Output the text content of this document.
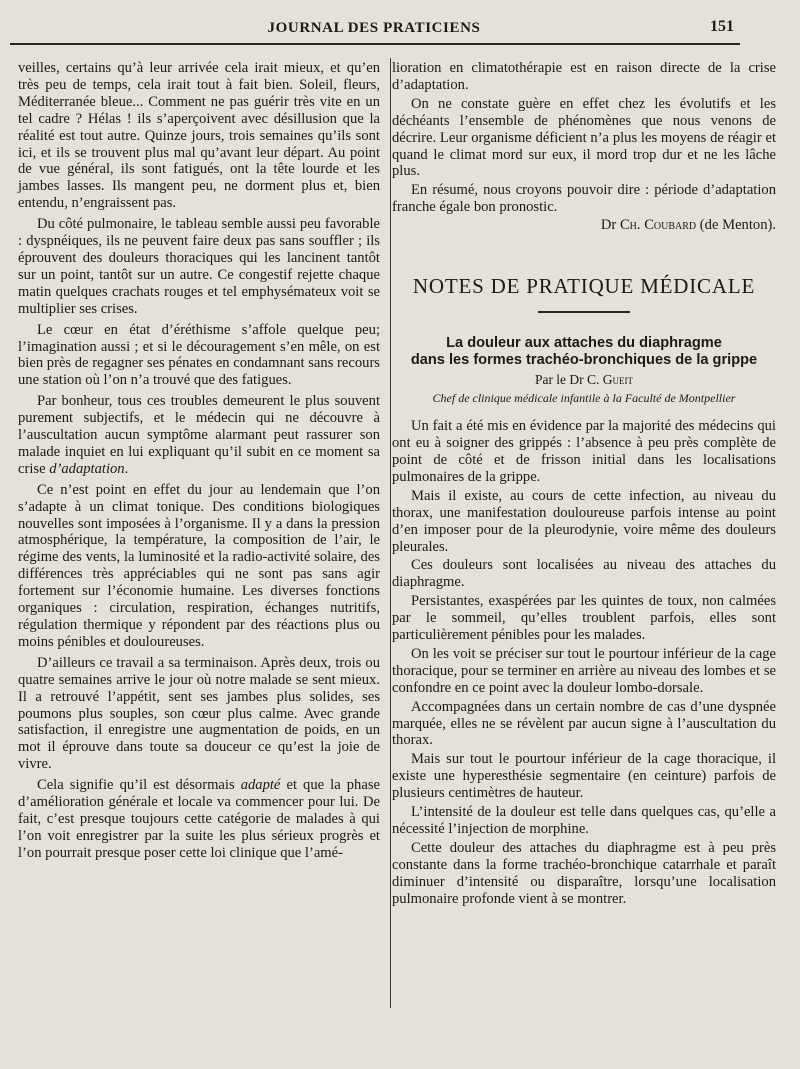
JOURNAL DES PRATICIENS	151

veilles, certains qu’à leur arrivée cela irait mieux, et qu’en très peu de temps, cela irait tout à fait bien. Soleil, fleurs, Méditerranée bleue... Comment ne pas guérir très vite en un tel cadre ? Hélas ! ils s’aperçoivent avec désillusion que la réalité est tout autre. Quinze jours, trois semaines qu’ils sont ici, et ils se trouvent plus mal qu’avant leur départ. Au point de vue général, ils sont fatigués, ont la tête lourde et les jambes lasses. Ils mangent peu, ne dorment plus et, bien entendu, n’engraissent pas.

Du côté pulmonaire, le tableau semble aussi peu favorable : dyspnéiques, ils ne peuvent faire deux pas sans souffler ; ils éprouvent des douleurs thoraciques qui les lancinent tantôt sur un point, tantôt sur un autre. Ce congestif rejette chaque matin quelques crachats rouges et tel emphysémateux voit se multiplier ses crises.

Le cœur en état d’éréthisme s’affole quelque peu; l’imagination aussi ; et si le découragement s’en mêle, on est bien près de regagner ses pénates en condamnant sans recours une station où l’on n’a trouvé que des fatigues.

Par bonheur, tous ces troubles demeurent le plus souvent purement subjectifs, et le médecin qui ne découvre à l’auscultation aucun symptôme alarmant peut rassurer son malade inquiet en lui expliquant qu’il subit en ce moment sa crise d’adaptation.

Ce n’est point en effet du jour au lendemain que l’on s’adapte à un climat tonique. Des conditions biologiques nouvelles sont imposées à l’organisme. Il y a dans la pression atmosphérique, la température, la composition de l’air, le régime des vents, la luminosité et la radio-activité solaire, des différences très appréciables qui ne sont pas sans agir fortement sur l’économie humaine. Les diverses fonctions organiques : circulation, respiration, échanges nutritifs, régulation thermique y répondent par des réactions plus ou moins pénibles et douloureuses.

D’ailleurs ce travail a sa terminaison. Après deux, trois ou quatre semaines arrive le jour où notre malade se sent mieux. Il a retrouvé l’appétit, sent ses jambes plus solides, ses poumons plus souples, son cœur plus calme. Avec grande satisfaction, il enregistre une augmentation de poids, en un mot il éprouve dans toute sa douceur ce qu’est la joie de vivre.

Cela signifie qu’il est désormais adapté et que la phase d’amélioration générale et locale va commencer pour lui. De fait, c’est presque toujours cette catégorie de malades à qui l’on voit enregistrer par la suite les plus sérieux progrès et l’on pourrait presque poser cette loi clinique que l’amé-

lioration en climatothérapie est en raison directe de la crise d’adaptation.

On ne constate guère en effet chez les évolutifs et les déchéants l’ensemble de phénomènes que nous venons de décrire. Leur organisme déficient n’a plus les moyens de réagir et quand le climat mord sur eux, il mord trop dur et ne les lâche plus.

En résumé, nous croyons pouvoir dire : période d’adaptation franche égale bon pronostic.

Dr Ch. Coubard (de Menton).
NOTES DE PRATIQUE MÉDICALE
La douleur aux attaches du diaphragme
dans les formes trachéo-bronchiques de la grippe
Par le Dr C. Gueit
Chef de clinique médicale infantile à la Faculté de Montpellier

Un fait a été mis en évidence par la majorité des médecins qui ont eu à soigner des grippés : l’absence à peu près complète de point de côté et de frisson initial dans les localisations pulmonaires de la grippe.

Mais il existe, au cours de cette infection, au niveau du thorax, une manifestation douloureuse parfois intense au point d’en imposer pour de la pleurodynie, voire même des douleurs pleurales.

Ces douleurs sont localisées au niveau des attaches du diaphragme.

Persistantes, exaspérées par les quintes de toux, non calmées par le sommeil, qu’elles troublent parfois, elles sont particulièrement pénibles pour les malades.

On les voit se préciser sur tout le pourtour inférieur de la cage thoracique, pour se terminer en arrière au niveau des lombes et se confondre en ce point avec la douleur lombo-dorsale.

Accompagnées dans un certain nombre de cas d’une dyspnée marquée, elles ne se révèlent par aucun signe à l’auscultation du thorax.

Mais sur tout le pourtour inférieur de la cage thoracique, il existe une hyperesthésie segmentaire (en ceinture) parfois de plusieurs centimètres de hauteur.

L’intensité de la douleur est telle dans quelques cas, qu’elle a nécessité l’injection de morphine.

Cette douleur des attaches du diaphragme est à peu près constante dans la forme trachéo-bronchique catarrhale et paraît diminuer d’intensité ou disparaître, lorsqu’une localisation pulmonaire profonde vient à se montrer.
